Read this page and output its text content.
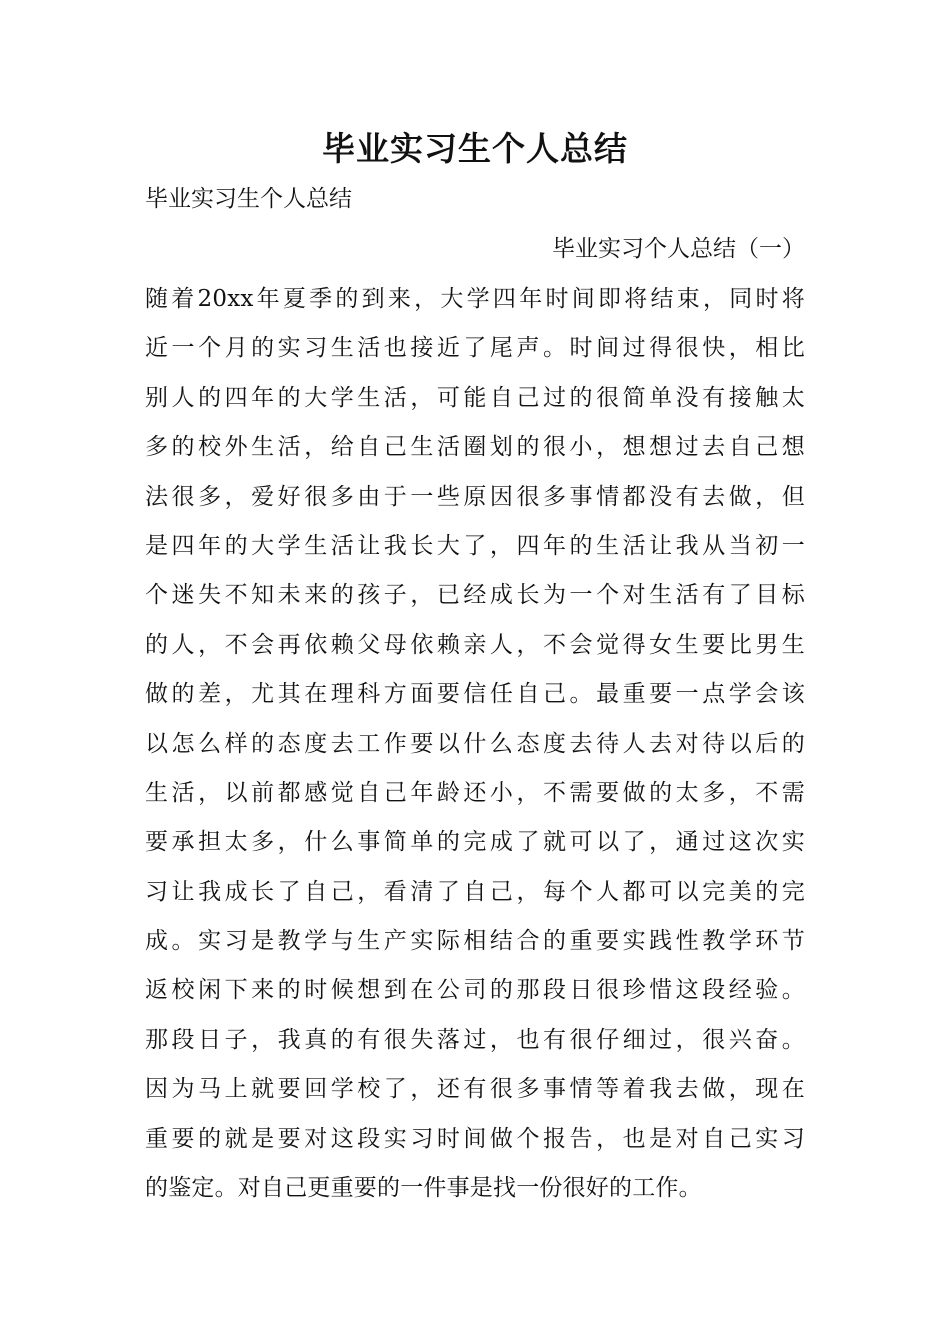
毕业实习生个人总结

毕业实习生个人总结

毕业实习个人总结（一）

随着20xx年夏季的到来，大学四年时间即将结束，同时将
近一个月的实习生活也接近了尾声。时间过得很快，相比
别人的四年的大学生活，可能自己过的很简单没有接触太
多的校外生活，给自己生活圈划的很小，想想过去自己想
法很多，爱好很多由于一些原因很多事情都没有去做，但
是四年的大学生活让我长大了，四年的生活让我从当初一
个迷失不知未来的孩子，已经成长为一个对生活有了目标
的人，不会再依赖父母依赖亲人，不会觉得女生要比男生
做的差，尤其在理科方面要信任自己。最重要一点学会该
以怎么样的态度去工作要以什么态度去待人去对待以后的
生活，以前都感觉自己年龄还小，不需要做的太多，不需
要承担太多，什么事简单的完成了就可以了，通过这次实
习让我成长了自己，看清了自己，每个人都可以完美的完
成。实习是教学与生产实际相结合的重要实践性教学环节
返校闲下来的时候想到在公司的那段日很珍惜这段经验。
那段日子，我真的有很失落过，也有很仔细过，很兴奋。
因为马上就要回学校了，还有很多事情等着我去做，现在
重要的就是要对这段实习时间做个报告，也是对自己实习
的鉴定。对自己更重要的一件事是找一份很好的工作。
